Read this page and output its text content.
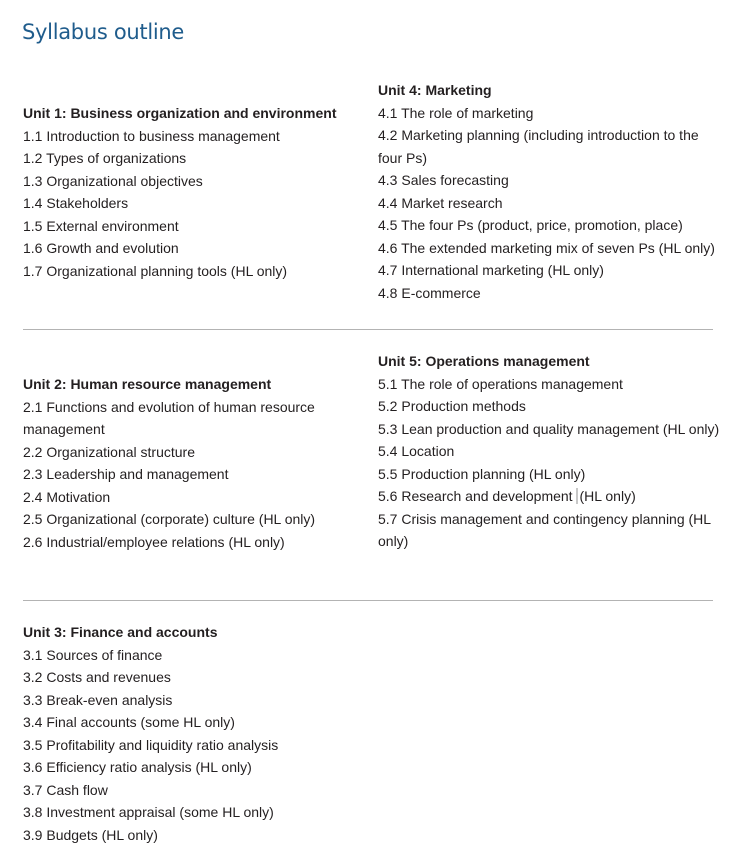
Syllabus outline

Unit 1: Business organization and environment

1.1 Introduction to business management

1.2 Types of organizations

1.3 Organizational objectives

1.4 Stakeholders

1.5 External environment

1.6 Growth and evolution

1.7 Organizational planning tools (HL only)

Unit 4: Marketing

4.1 The role of marketing

4.2 Marketing planning (including introduction to the four Ps)

4.3 Sales forecasting

4.4 Market research

4.5 The four Ps (product, price, promotion, place)

4.6 The extended marketing mix of seven Ps (HL only)

4.7 International marketing (HL only)

4.8 E-commerce

Unit 2: Human resource management

2.1 Functions and evolution of human resource management

2.2 Organizational structure

2.3 Leadership and management

2.4 Motivation

2.5 Organizational (corporate) culture (HL only)

2.6 Industrial/employee relations (HL only)

Unit 5: Operations management

5.1 The role of operations management

5.2 Production methods

5.3 Lean production and quality management (HL only)

5.4 Location

5.5 Production planning (HL only)

5.6 Research and development (HL only)

5.7 Crisis management and contingency planning (HL only)

Unit 3: Finance and accounts

3.1 Sources of finance

3.2 Costs and revenues

3.3 Break-even analysis

3.4 Final accounts (some HL only)

3.5 Profitability and liquidity ratio analysis

3.6 Efficiency ratio analysis (HL only)

3.7 Cash flow

3.8 Investment appraisal (some HL only)

3.9 Budgets (HL only)
